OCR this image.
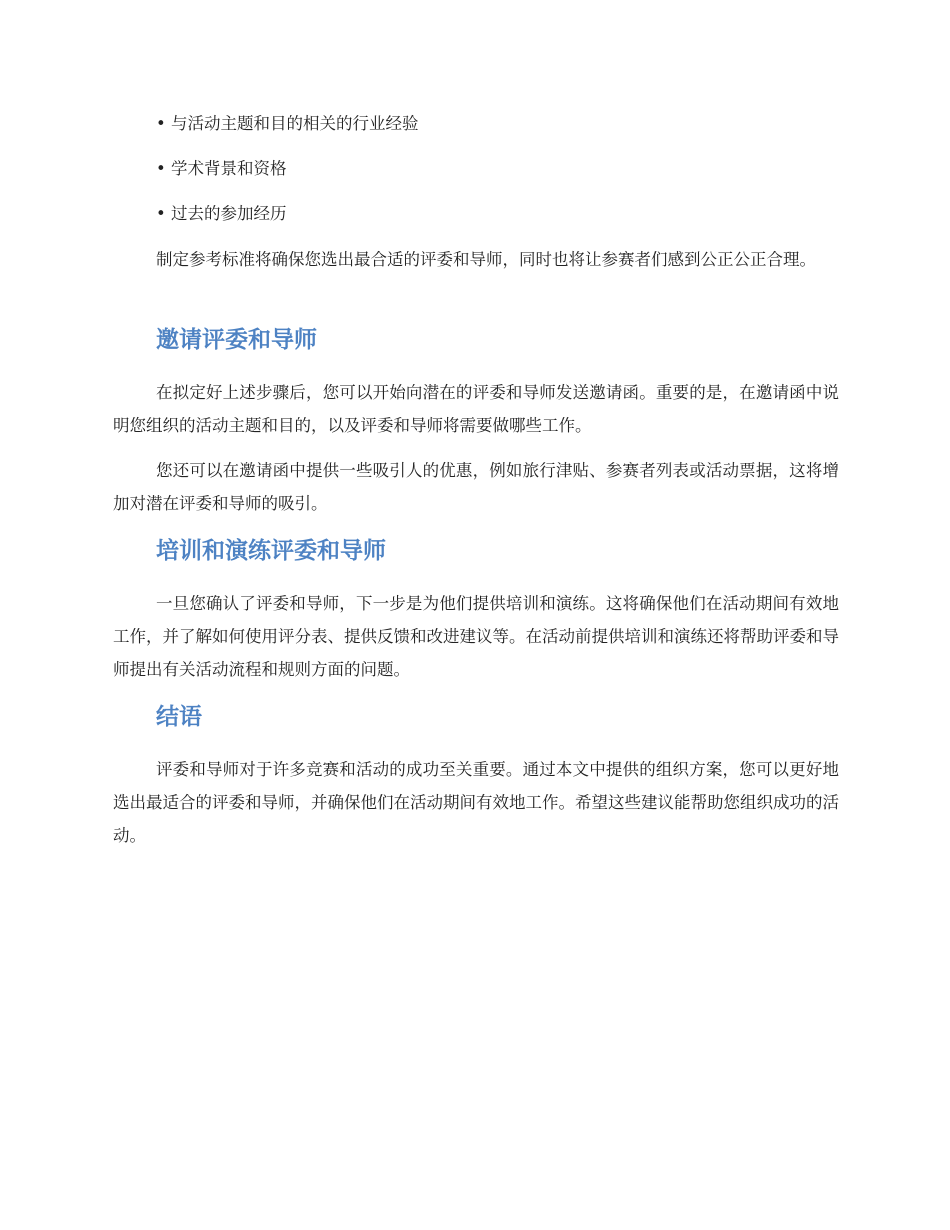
• 与活动主题和目的相关的行业经验
• 学术背景和资格
• 过去的参加经历

制定参考标准将确保您选出最合适的评委和导师，同时也将让参赛者们感到公正公正合理。

邀请评委和导师

在拟定好上述步骤后，您可以开始向潜在的评委和导师发送邀请函。重要的是，在邀请函中说明您组织的活动主题和目的，以及评委和导师将需要做哪些工作。

您还可以在邀请函中提供一些吸引人的优惠，例如旅行津贴、参赛者列表或活动票据，这将增加对潜在评委和导师的吸引。

培训和演练评委和导师

一旦您确认了评委和导师，下一步是为他们提供培训和演练。这将确保他们在活动期间有效地工作，并了解如何使用评分表、提供反馈和改进建议等。在活动前提供培训和演练还将帮助评委和导师提出有关活动流程和规则方面的问题。

结语

评委和导师对于许多竞赛和活动的成功至关重要。通过本文中提供的组织方案，您可以更好地选出最适合的评委和导师，并确保他们在活动期间有效地工作。希望这些建议能帮助您组织成功的活动。
